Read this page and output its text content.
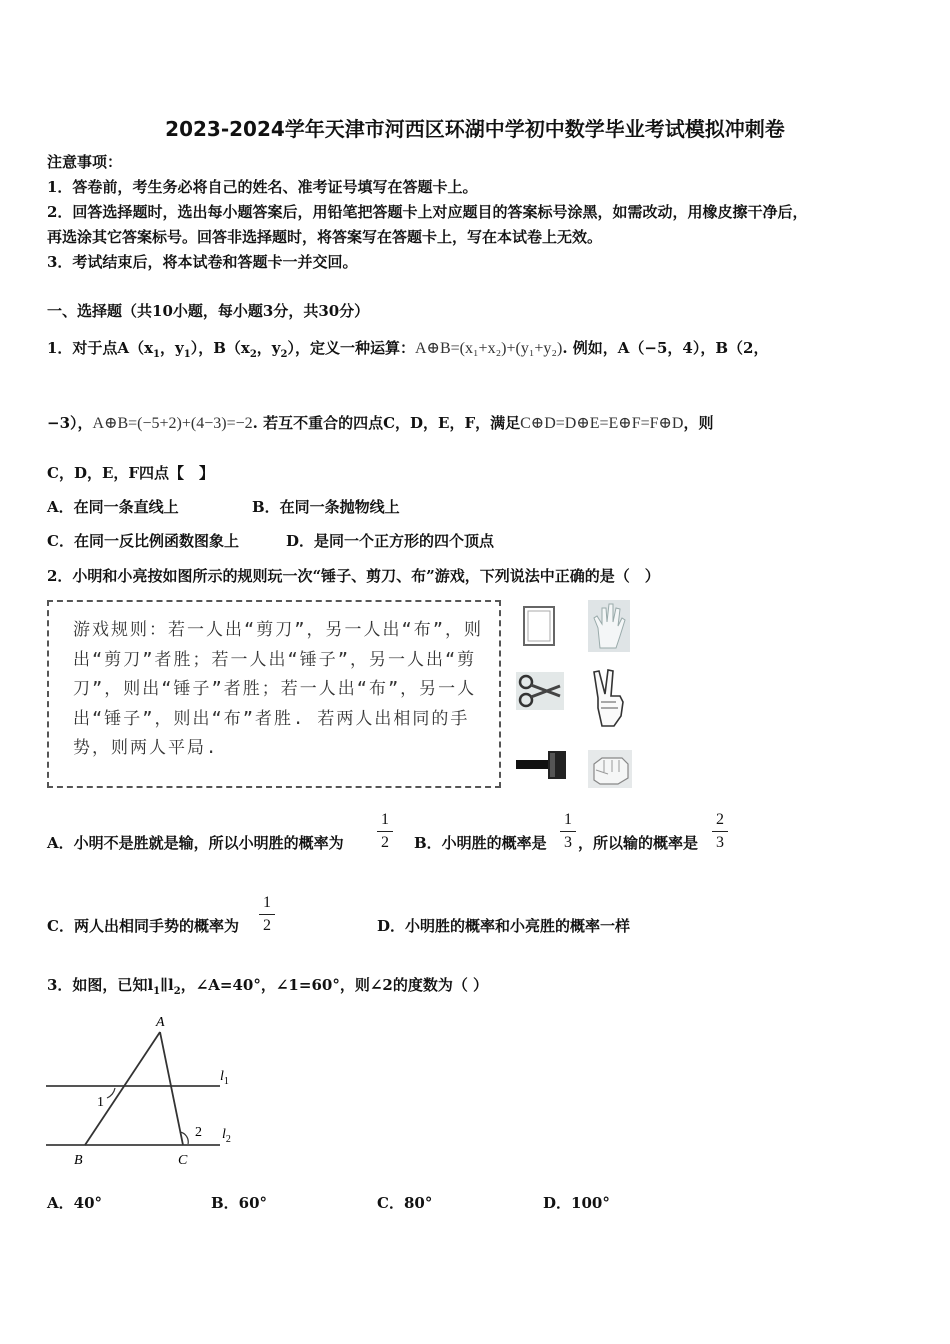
2023-2024学年天津市河西区环湖中学初中数学毕业考试模拟冲刺卷
注意事项：
1．答卷前，考生务必将自己的姓名、准考证号填写在答题卡上。
2．回答选择题时，选出每小题答案后，用铅笔把答题卡上对应题目的答案标号涂黑，如需改动，用橡皮擦干净后，
再选涂其它答案标号。回答非选择题时，将答案写在答题卡上，写在本试卷上无效。
3．考试结束后，将本试卷和答题卡一并交回。
一、选择题（共10小题，每小题3分，共30分）
1．对于点$A(x_1$，$y_1$），$B(x_2$，$y_2$），定义一种运算：A⊕B=(x₁+x₂)+(y₁+y₂). 例如，A（−5，4），B（2，
−3），A⊕B=(−5+2)+(4−3)=−2. 若互不重合的四点C，D，E，F，满足C⊕D=D⊕E=E⊕F=F⊕D，则
C，D，E，F四点【　】
A．在同一条直线上	B．在同一条抛物线上
C．在同一反比例函数图象上	D．是同一个正方形的四个顶点
2．小明和小亮按如图所示的规则玩一次“锤子、剪刀、布”游戏，下列说法中正确的是（　）
游戏规则：若一人出“剪刀”，另一人出“布”，则出“剪刀”者胜；若一人出“锤子”，另一人出“剪刀”，则出“锤子”者胜；若一人出“布”，另一人出“锤子”，则出“布”者胜. 若两人出相同的手势，则两人平局.
A．小明不是胜就是输，所以小明胜的概率为
1
2	B．小明胜的概率是
1
3 ，所以输的概率是
2
3
C．两人出相同手势的概率为
1
2	D．小明胜的概率和小亮胜的概率一样
3．如图，已知$l_1\parallel l_2$，∠A=40°，∠1=60°，则∠2的度数为（ ）
A
B	C
$l_1$
$l_2$
1
2
A．40°	B．60°	C．80°	D．100°
